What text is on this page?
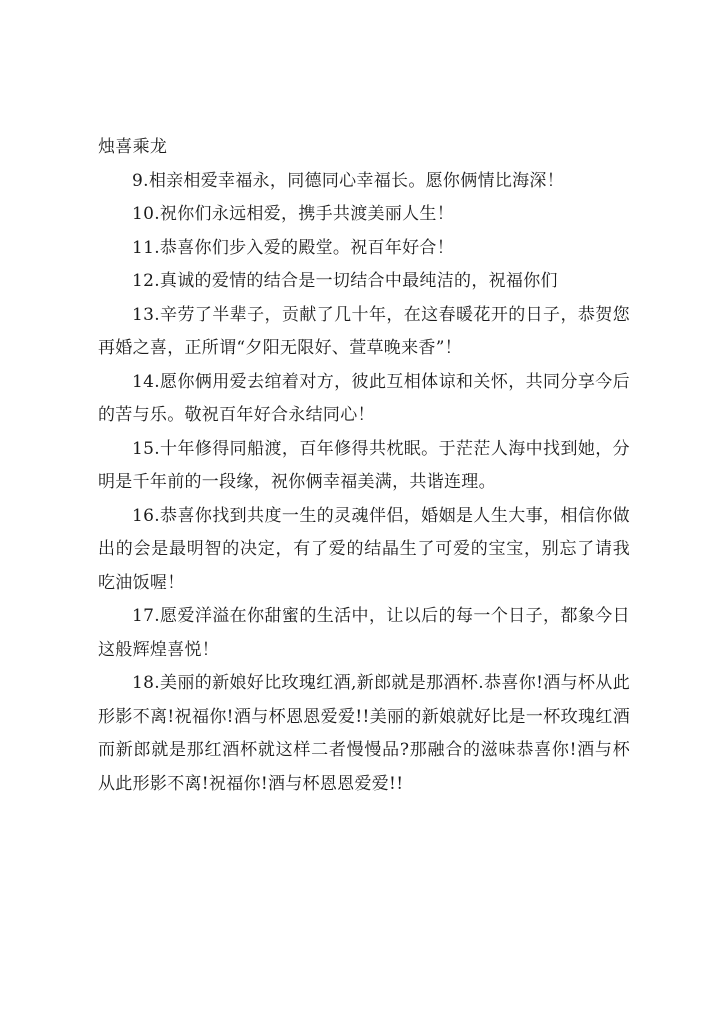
烛喜乘龙

9.相亲相爱幸福永，同德同心幸福长。愿你俩情比海深！

10.祝你们永远相爱，携手共渡美丽人生！

11.恭喜你们步入爱的殿堂。祝百年好合！

12.真诚的爱情的结合是一切结合中最纯洁的，祝福你们

13.辛劳了半辈子，贡献了几十年，在这春暖花开的日子，恭贺您再婚之喜，正所谓“夕阳无限好、萱草晚来香”！

14.愿你俩用爱去绾着对方，彼此互相体谅和关怀，共同分享今后的苦与乐。敬祝百年好合永结同心！

15.十年修得同船渡，百年修得共枕眠。于茫茫人海中找到她，分明是千年前的一段缘，祝你俩幸福美满，共谐连理。

16.恭喜你找到共度一生的灵魂伴侣，婚姻是人生大事，相信你做出的会是最明智的决定，有了爱的结晶生了可爱的宝宝，别忘了请我吃油饭喔！

17.愿爱洋溢在你甜蜜的生活中，让以后的每一个日子，都象今日这般辉煌喜悦！

18.美丽的新娘好比玫瑰红酒,新郎就是那酒杯.恭喜你!酒与杯从此形影不离!祝福你!酒与杯恩恩爱爱!!美丽的新娘就好比是一杯玫瑰红酒而新郎就是那红酒杯就这样二者慢慢品?那融合的滋味恭喜你!酒与杯从此形影不离!祝福你!酒与杯恩恩爱爱!!
